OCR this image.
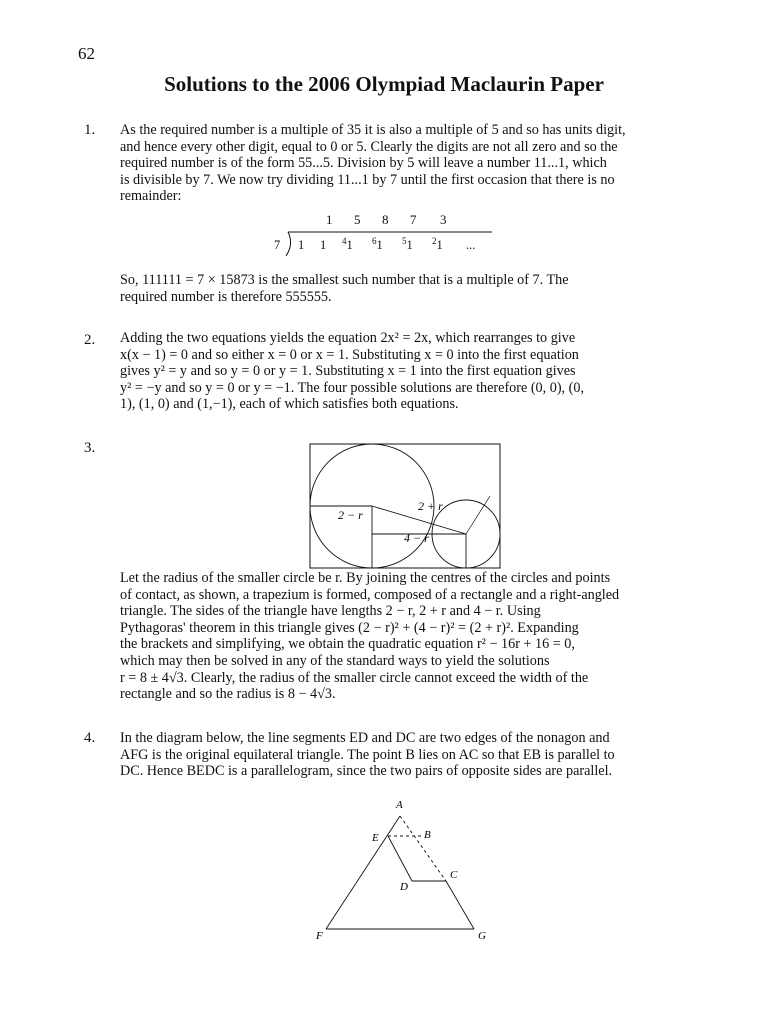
62
Solutions to the 2006 Olympiad Maclaurin Paper
1. As the required number is a multiple of 35 it is also a multiple of 5 and so has units digit,

and hence every other digit, equal to 0 or 5. Clearly the digits are not all zero and so the

required number is of the form 55...5. Division by 5 will leave a number 11...1, which

is divisible by 7. We now try dividing 11...1 by 7 until the first occasion that there is no

remainder:

1 5 8 7 3
7 1 1 $^4$1 $^6$1 $^5$1 $^2$1 ...

So, 111111 = 7 × 15873 is the smallest such number that is a multiple of 7. The

required number is therefore 555555.

2. Adding the two equations yields the equation 2x² = 2x, which rearranges to give

x(x − 1) = 0 and so either x = 0 or x = 1. Substituting x = 0 into the first equation

gives y² = y and so y = 0 or y = 1. Substituting x = 1 into the first equation gives

y² = −y and so y = 0 or y = −1. The four possible solutions are therefore (0, 0), (0,

1), (1, 0) and (1,−1), each of which satisfies both equations.

3.
2 − r
2 + r
4 − r

Let the radius of the smaller circle be r. By joining the centres of the circles and points

of contact, as shown, a trapezium is formed, composed of a rectangle and a right-angled

triangle. The sides of the triangle have lengths 2 − r, 2 + r and 4 − r. Using

Pythagoras' theorem in this triangle gives (2 − r)² + (4 − r)² = (2 + r)². Expanding

the brackets and simplifying, we obtain the quadratic equation r² − 16r + 16 = 0,

which may then be solved in any of the standard ways to yield the solutions

r = 8 ± 4√3. Clearly, the radius of the smaller circle cannot exceed the width of the

rectangle and so the radius is 8 − 4√3.

4. In the diagram below, the line segments ED and DC are two edges of the nonagon and

AFG is the original equilateral triangle. The point B lies on AC so that EB is parallel to

DC. Hence BEDC is a parallelogram, since the two pairs of opposite sides are parallel.

A
E	B
C
D
F	G
